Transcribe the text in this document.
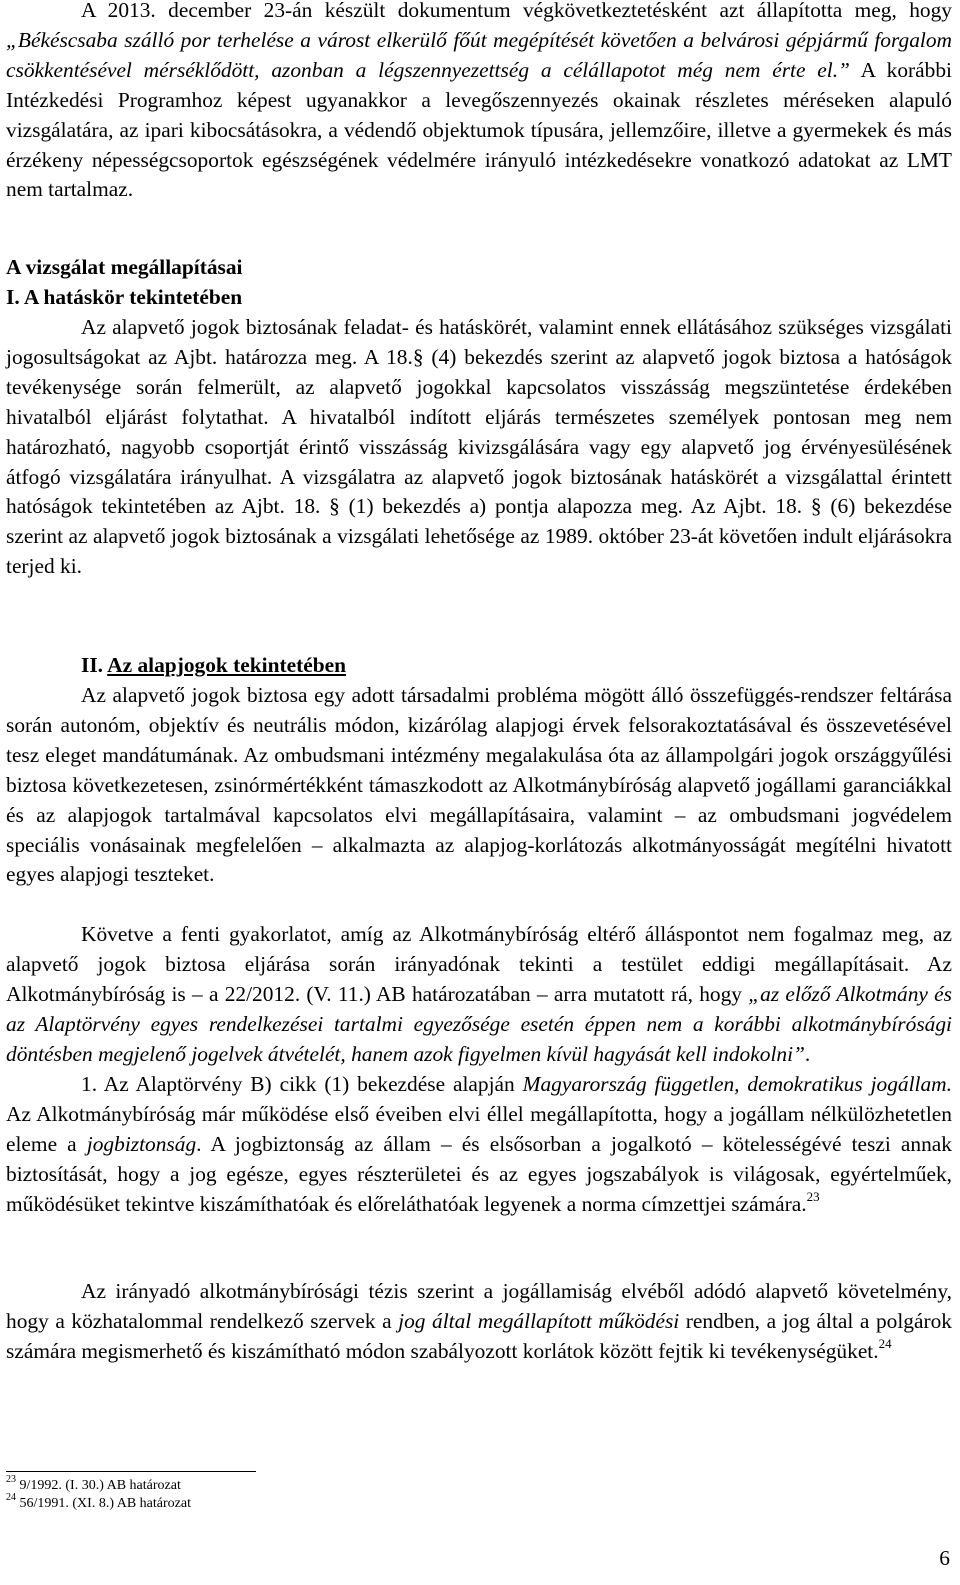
A 2013. december 23-án készült dokumentum végkövetkeztetésként azt állapította meg, hogy „Békéscsaba szálló por terhelése a várost elkerülő főút megépítését követően a belvárosi gépjármű forgalom csökkentésével mérséklődött, azonban a légszennyezettség a célállapotot még nem érte el.” A korábbi Intézkedési Programhoz képest ugyanakkor a levegőszennyezés okainak részletes méréseken alapuló vizsgálatára, az ipari kibocsátásokra, a védendő objektumok típusára, jellemzőire, illetve a gyermekek és más érzékeny népességcsoportok egészségének védelmére irányuló intézkedésekre vonatkozó adatokat az LMT nem tartalmaz.

A vizsgálat megállapításai

I. A hatáskör tekintetében

Az alapvető jogok biztosának feladat- és hatáskörét, valamint ennek ellátásához szükséges vizsgálati jogosultságokat az Ajbt. határozza meg. A 18.§ (4) bekezdés szerint az alapvető jogok biztosa a hatóságok tevékenysége során felmerült, az alapvető jogokkal kapcsolatos visszásság megszüntetése érdekében hivatalból eljárást folytathat. A hivatalból indított eljárás természetes személyek pontosan meg nem határozható, nagyobb csoportját érintő visszásság kivizsgálására vagy egy alapvető jog érvényesülésének átfogó vizsgálatára irányulhat. A vizsgálatra az alapvető jogok biztosának hatáskörét a vizsgálattal érintett hatóságok tekintetében az Ajbt. 18. § (1) bekezdés a) pontja alapozza meg. Az Ajbt. 18. § (6) bekezdése szerint az alapvető jogok biztosának a vizsgálati lehetősége az 1989. október 23-át követően indult eljárásokra terjed ki.

II. Az alapjogok tekintetében

Az alapvető jogok biztosa egy adott társadalmi probléma mögött álló összefüggés-rendszer feltárása során autonóm, objektív és neutrális módon, kizárólag alapjogi érvek felsorakoztatásával és összevetésével tesz eleget mandátumának. Az ombudsmani intézmény megalakulása óta az állampolgári jogok országgyűlési biztosa következetesen, zsinórmértékként támaszkodott az Alkotmánybíróság alapvető jogállami garanciákkal és az alapjogok tartalmával kapcsolatos elvi megállapításaira, valamint – az ombudsmani jogvédelem speciális vonásainak megfelelően – alkalmazta az alapjog-korlátozás alkotmányosságát megítélni hivatott egyes alapjogi teszteket.

Követve a fenti gyakorlatot, amíg az Alkotmánybíróság eltérő álláspontot nem fogalmaz meg, az alapvető jogok biztosa eljárása során irányadónak tekinti a testület eddigi megállapításait. Az Alkotmánybíróság is – a 22/2012. (V. 11.) AB határozatában – arra mutatott rá, hogy „az előző Alkotmány és az Alaptörvény egyes rendelkezései tartalmi egyezősége esetén éppen nem a korábbi alkotmánybírósági döntésben megjelenő jogelvek átvételét, hanem azok figyelmen kívül hagyását kell indokolni”.

1. Az Alaptörvény B) cikk (1) bekezdése alapján Magyarország független, demokratikus jogállam. Az Alkotmánybíróság már működése első éveiben elvi éllel megállapította, hogy a jogállam nélkülözhetetlen eleme a jogbiztonság. A jogbiztonság az állam – és elsősorban a jogalkotó – kötelességévé teszi annak biztosítását, hogy a jog egésze, egyes részterületei és az egyes jogszabályok is világosak, egyértelműek, működésüket tekintve kiszámíthatóak és előreláthatóak legyenek a norma címzettjei számára.$^{23}$

Az irányadó alkotmánybírósági tézis szerint a jogállamiság elvéből adódó alapvető követelmény, hogy a közhatalommal rendelkező szervek a jog által megállapított működési rendben, a jog által a polgárok számára megismerhető és kiszámítható módon szabályozott korlátok között fejtik ki tevékenységüket.$^{24}$

$^{23}$ 9/1992. (I. 30.) AB határozat

$^{24}$ 56/1991. (XI. 8.) AB határozat

6
